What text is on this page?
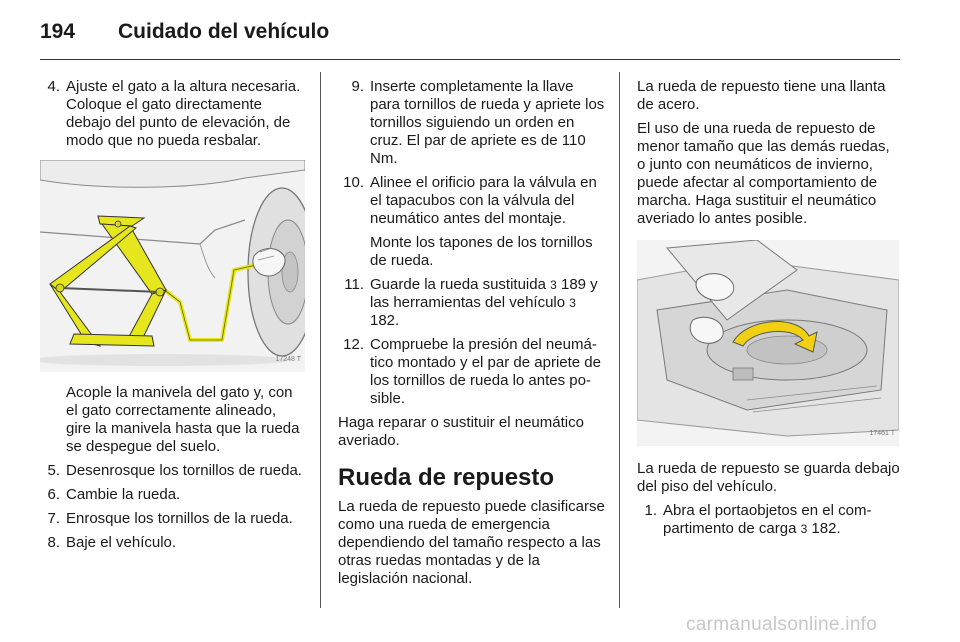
194 Cuidado del vehículo
4. Ajuste el gato a la altura necesaria. Coloque el gato directamente debajo del punto de elevación, de modo que no pueda resbalar.
17248 T
Acople la manivela del gato y, con el gato correctamente alineado, gire la manivela hasta que la rueda se despegue del suelo.
5. Desenrosque los tornillos de rueda.
6. Cambie la rueda.
7. Enrosque los tornillos de la rueda.
8. Baje el vehículo.
9. Inserte completamente la llave para tornillos de rueda y apriete los tornillos siguiendo un orden en cruz. El par de apriete es de 110 Nm.
10. Alinee el orificio para la válvula en el tapacubos con la válvula del neumático antes del montaje.
Monte los tapones de los tornillos de rueda.
11. Guarde la rueda sustituida 3 189 y las herramientas del vehículo 3 182.
12. Compruebe la presión del neumático montado y el par de apriete de los tornillos de rueda lo antes posible.
Haga reparar o sustituir el neumático averiado.
Rueda de repuesto
La rueda de repuesto puede clasificarse como una rueda de emergencia dependiendo del tamaño respecto a las otras ruedas montadas y de la legislación nacional.
La rueda de repuesto tiene una llanta de acero.
El uso de una rueda de repuesto de menor tamaño que las demás ruedas, o junto con neumáticos de invierno, puede afectar al comportamiento de marcha. Haga sustituir el neumático averiado lo antes posible.
17461 T
La rueda de repuesto se guarda debajo del piso del vehículo.
1. Abra el portaobjetos en el compartimento de carga 3 182.
carmanualsonline.info
